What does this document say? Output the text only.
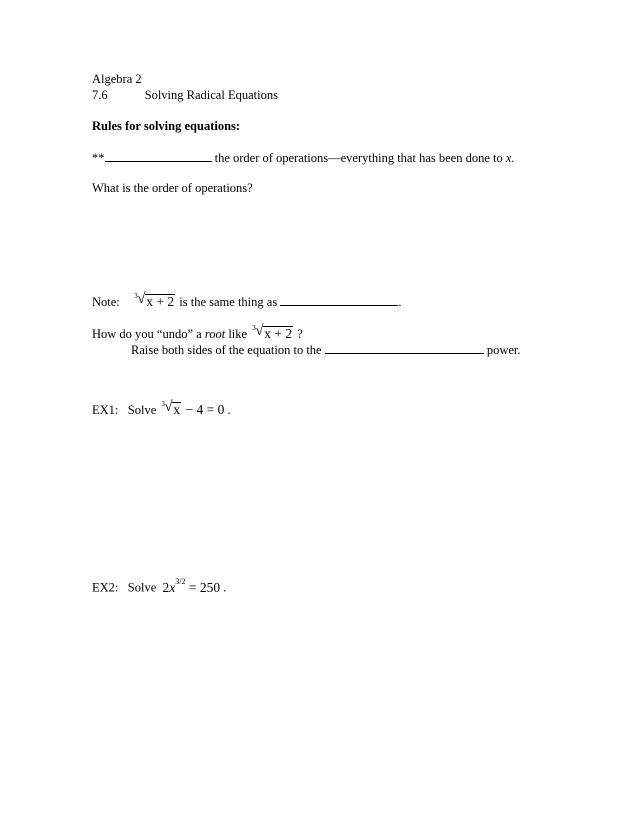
Algebra 2
7.6	Solving Radical Equations
Rules for solving equations:
**	the order of operations—everything that has been done to x.
What is the order of operations?
Note: 3 √ x + 2 is the same thing as	.
How do you “undo” a root like 3 √ x + 2 ?
Raise both sides of the equation to the	power.
EX1: Solve 3 √ x − 4 = 0 .
EX2: Solve $2x^{3/2} = 250$ .
